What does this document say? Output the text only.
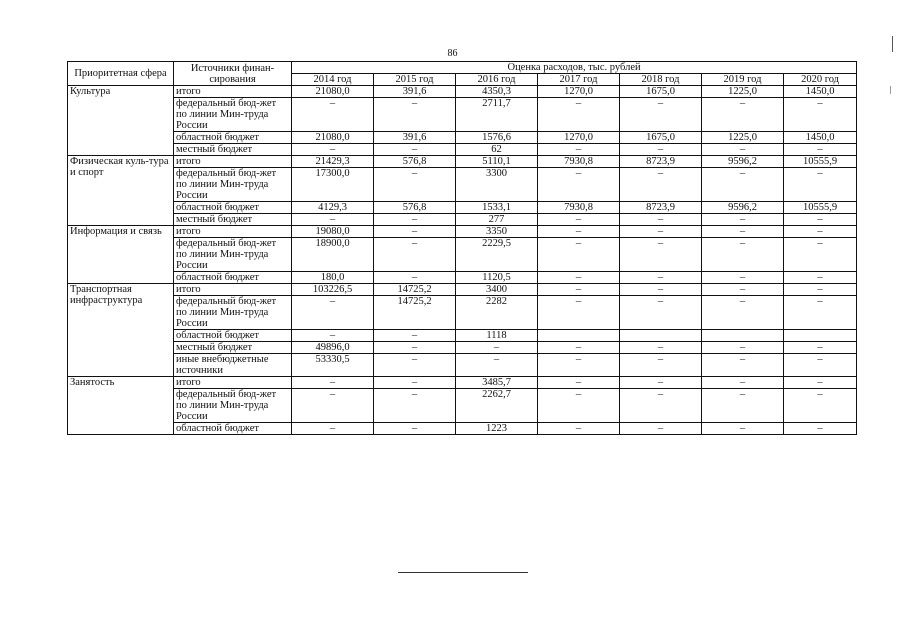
86
Приоритетная сфера	Источники финан-сирования	Оценка расходов, тыс. рублей						
		2014 год	2015 год	2016 год	2017 год	2018 год	2019 год	2020 год
Культура	итого	21080,0	391,6	4350,3	1270,0	1675,0	1225,0	1450,0
	федеральный бюд-жет по линии Мин-труда России	–	–	2711,7	–	–	–	–
	областной бюджет	21080,0	391,6	1576,6	1270,0	1675,0	1225,0	1450,0
	местный бюджет	–	–	62	–	–	–	–
Физическая куль-тура и спорт	итого	21429,3	576,8	5110,1	7930,8	8723,9	9596,2	10555,9
	федеральный бюд-жет по линии Мин-труда России	17300,0	–	3300	–	–	–	–
	областной бюджет	4129,3	576,8	1533,1	7930,8	8723,9	9596,2	10555,9
	местный бюджет	–	–	277	–	–	–	–
Информация и связь	итого	19080,0	–	3350	–	–	–	–
	федеральный бюд-жет по линии Мин-труда России	18900,0	–	2229,5	–	–	–	–
	областной бюджет	180,0	–	1120,5	–	–	–	–
Транспортная инфраструктура	итого	103226,5	14725,2	3400	–	–	–	–
	федеральный бюд-жет по линии Мин-труда России	–	14725,2	2282	–	–	–	–
	областной бюджет	–	–	1118				
	местный бюджет	49896,0	–	–	–	–	–	–
	иные внебюджетные источники	53330,5	–	–	–	–	–	–
Занятость	итого	–	–	3485,7	–	–	–	–
	федеральный бюд-жет по линии Мин-труда России	–	–	2262,7	–	–	–	–
	областной бюджет	–	–	1223	–	–	–	–
